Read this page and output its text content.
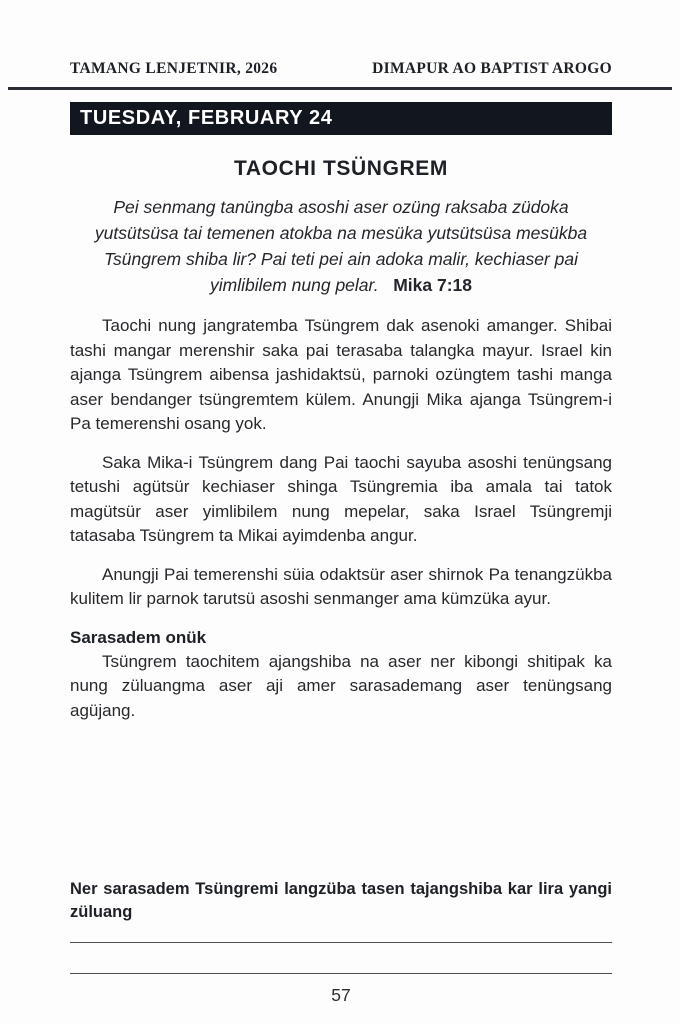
TAMANG LENJETNIR, 2026	DIMAPUR AO BAPTIST AROGO
TUESDAY, FEBRUARY 24
TAOCHI TSÜNGREM
Pei senmang tanüngba asoshi aser ozüng raksaba züdoka yutsütsüsa tai temenen atokba na mesüka yutsütsüsa mesükba Tsüngrem shiba lir? Pai teti pei ain adoka malir, kechiaser pai yimlibilem nung pelar. Mika 7:18

Taochi nung jangratemba Tsüngrem dak asenoki amanger. Shibai tashi mangar merenshir saka pai terasaba talangka mayur. Israel kin ajanga Tsüngrem aibensa jashidaktsü, parnoki ozüngtem tashi manga aser bendanger tsüngremtem külem. Anungji Mika ajanga Tsüngrem-i Pa temerenshi osang yok.

Saka Mika-i Tsüngrem dang Pai taochi sayuba asoshi tenüngsang tetushi agütsür kechiaser shinga Tsüngremia iba amala tai tatok magütsür aser yimlibilem nung mepelar, saka Israel Tsüngremji tatasaba Tsüngrem ta Mikai ayimdenba angur.

Anungji Pai temerenshi süia odaktsür aser shirnok Pa tenangzükba kulitem lir parnok tarutsü asoshi senmanger ama kümzüka ayur.

Sarasadem onük

Tsüngrem taochitem ajangshiba na aser ner kibongi shitipak ka nung züluangma aser aji amer sarasademang aser tenüngsang agüjang.

Ner sarasadem Tsüngremi langzüba tasen tajangshiba kar lira yangi züluang
57
